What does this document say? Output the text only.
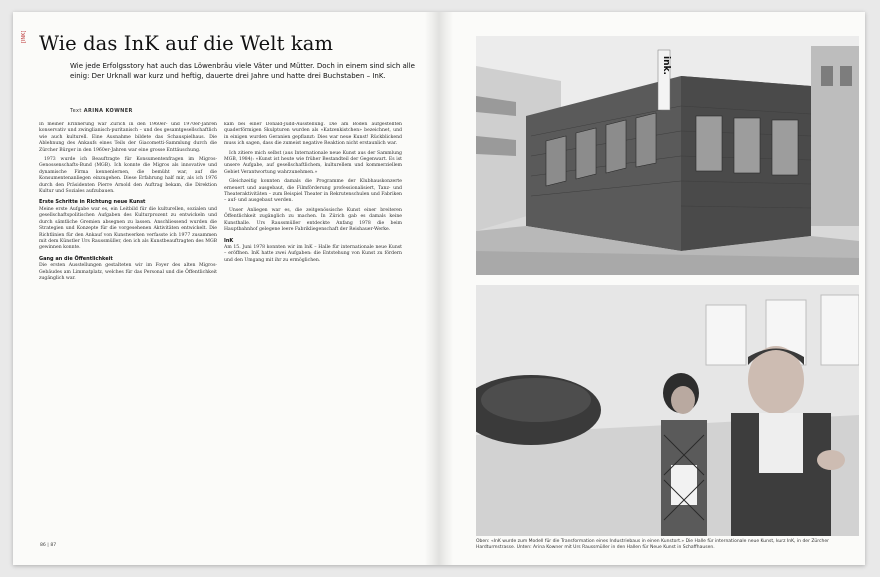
[INK] Wie das InK auf die Welt kam

Wie jede Erfolgsstory hat auch das Löwenbräu viele Väter und Mütter. Doch in einem sind sich alle einig: Der Urknall war kurz und heftig, dauerte drei Jahre und hatte drei Buchstaben – InK.

Text ARINA KOWNER

In meiner Erinnerung war Zürich in den 1960er- und 1970er-Jahren konservativ und zwinglianisch-puritanisch – und des gesamtgesellschaftlich wie auch kulturell. Eine Ausnahme bildete das Schauspielhaus. Die Ablehnung des Ankaufs eines Teils der Giacometti-Sammlung durch die Zürcher Bürger in den 1960er-Jahren war eine grosse Enttäuschung.

1973 wurde ich Beauftragte für Konsumentenfragen im Migros-Genossenschafts-Bund (MGB). Ich konnte die Migros als innovative und dynamische Firma kennenlernen, die bemüht war, auf die Konsumentenanliegen einzugehen. Diese Erfahrung half mir, als ich 1976 durch den Präsidenten Pierre Arnold den Auftrag bekam, die Direktion Kultur und Soziales aufzubauen.

Erste Schritte in Richtung neue Kunst

Meine erste Aufgabe war es, ein Leitbild für die kulturellen, sozialen und gesellschaftspolitischen Aufgaben des Kulturprozent zu entwickeln und durch sämtliche Gremien absegnen zu lassen. Anschliessend wurden die Strategien und Konzepte für die vorgesehenen Aktivitäten entwickelt. Die Richtlinien für den Ankauf von Kunstwerken verfasste ich 1977 zusammen mit dem Künstler Urs Raussmüller, den ich als Kunstbeauftragten des MGB gewinnen konnte.

Gang an die Öffentlichkeit

Die ersten Ausstellungen gestalteten wir im Foyer des alten Migros-Gebäudes am Limmatplatz, welches für das Personal und die Öffentlichkeit zugänglich war.

kam bei einer Donald-Judd-Ausstellung. Die am Boden aufgestellten quaderförmigen Skulpturen wurden als «Katzenkistchen» bezeichnet, und in einigen wurden Geranien gepflanzt: Dies war neue Kunst! Rückblickend muss ich sagen, dass die zumeist negative Reaktion nicht erstaunlich war.

Ich zitiere mich selbst (aus Internationale neue Kunst aus der Sammlung MGB, 1984): «Kunst ist heute wie früher Bestandteil der Gegenwart. Es ist unsere Aufgabe, auf gesellschaftlichem, kulturellem und kommerziellem Gebiet Verantwortung wahrzunehmen.»

Gleichzeitig konnten damals die Programme der Klubhauskonzerte erneuert und ausgebaut, die Filmförderung professionalisiert, Tanz- und Theateraktivitäten – zum Beispiel Theater in Rekrutenschulen und Fabriken – auf- und ausgebaut werden.

Unser Anliegen war es, die zeitgenössische Kunst einer breiteren Öffentlichkeit zugänglich zu machen. In Zürich gab es damals keine Kunsthalle. Urs Raussmüller entdeckte Anfang 1978 die beim Hauptbahnhof gelegene leere Fabrikliegenschaft der Reishauer-Werke.

InK

Am 15. Juni 1978 konnten wir im InK – Halle für internationale neue Kunst – eröffnen. InK hatte zwei Aufgaben: die Entstehung von Kunst zu fördern und den Umgang mit ihr zu ermöglichen.

86 | 87
ink.
Oben: «InK wurde zum Modell für die Transformation eines Industriebaus in einen Kunstort.» Die Halle für internationale neue Kunst, kurz InK, in der Zürcher Hardturmstrasse. Unten: Arina Kowner mit Urs Raussmüller in den Hallen für Neue Kunst in Schaffhausen.
